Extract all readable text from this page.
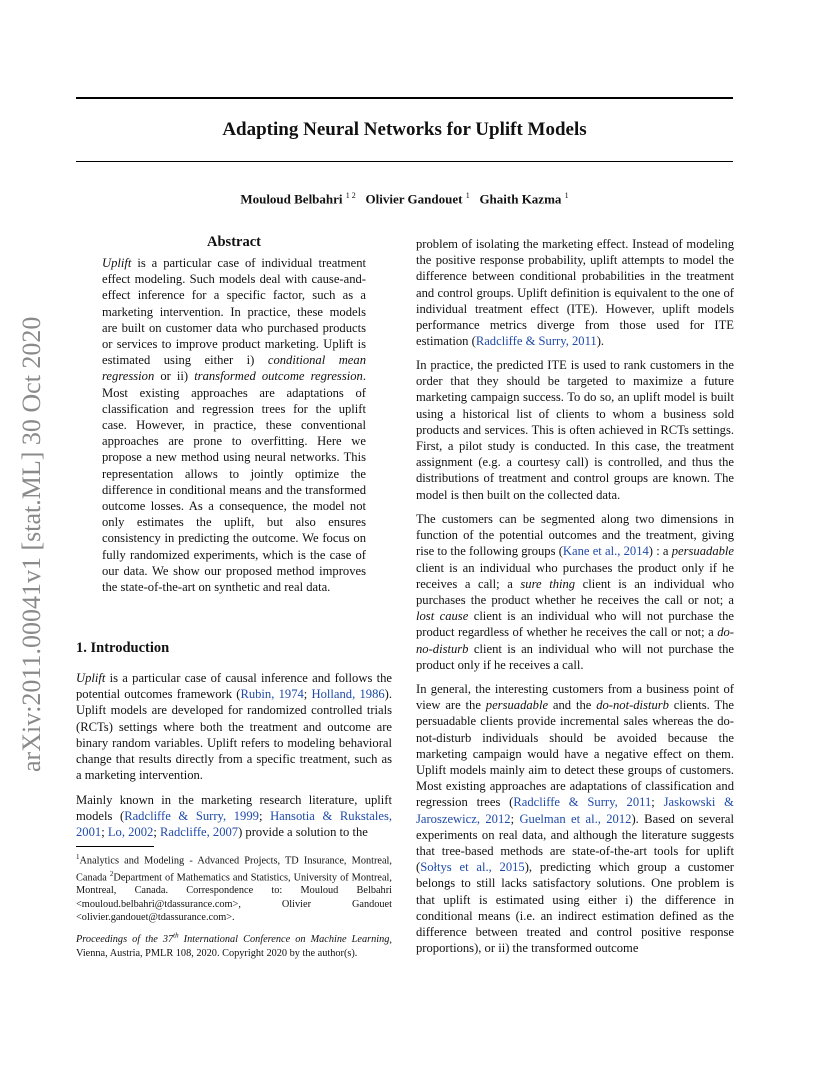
Adapting Neural Networks for Uplift Models
Mouloud Belbahri $^{1 2}$ Olivier Gandouet $^1$ Ghaith Kazma $^1$
arXiv:2011.00041v1 [stat.ML] 30 Oct 2020
Abstract

Uplift is a particular case of individual treatment effect modeling. Such models deal with cause-and-effect inference for a specific factor, such as a marketing intervention. In practice, these models are built on customer data who purchased products or services to improve product marketing. Uplift is estimated using either i) conditional mean regression or ii) transformed outcome regression. Most existing approaches are adaptations of classification and regression trees for the uplift case. However, in practice, these conventional approaches are prone to overfitting. Here we propose a new method using neural networks. This representation allows to jointly optimize the difference in conditional means and the transformed outcome losses. As a consequence, the model not only estimates the uplift, but also ensures consistency in predicting the outcome. We focus on fully randomized experiments, which is the case of our data. We show our proposed method improves the state-of-the-art on synthetic and real data.

1. Introduction

Uplift is a particular case of causal inference and follows the potential outcomes framework (Rubin, 1974; Holland, 1986). Uplift models are developed for randomized controlled trials (RCTs) settings where both the treatment and outcome are binary random variables. Uplift refers to modeling behavioral change that results directly from a specific treatment, such as a marketing intervention.

Mainly known in the marketing research literature, uplift models (Radcliffe & Surry, 1999; Hansotia & Rukstales, 2001; Lo, 2002; Radcliffe, 2007) provide a solution to the

$^1$Analytics and Modeling - Advanced Projects, TD Insurance, Montreal, Canada $^2$Department of Mathematics and Statistics, University of Montreal, Montreal, Canada. Correspondence to: Mouloud Belbahri <mouloud.belbahri@tdassurance.com>, Olivier Gandouet <olivier.gandouet@tdassurance.com>.

Proceedings of the 37th International Conference on Machine Learning, Vienna, Austria, PMLR 108, 2020. Copyright 2020 by the author(s).

problem of isolating the marketing effect. Instead of modeling the positive response probability, uplift attempts to model the difference between conditional probabilities in the treatment and control groups. Uplift definition is equivalent to the one of individual treatment effect (ITE). However, uplift models performance metrics diverge from those used for ITE estimation (Radcliffe & Surry, 2011).

In practice, the predicted ITE is used to rank customers in the order that they should be targeted to maximize a future marketing campaign success. To do so, an uplift model is built using a historical list of clients to whom a business sold products and services. This is often achieved in RCTs settings. First, a pilot study is conducted. In this case, the treatment assignment (e.g. a courtesy call) is controlled, and thus the distributions of treatment and control groups are known. The model is then built on the collected data.

The customers can be segmented along two dimensions in function of the potential outcomes and the treatment, giving rise to the following groups (Kane et al., 2014) : a persuadable client is an individual who purchases the product only if he receives a call; a sure thing client is an individual who purchases the product whether he receives the call or not; a lost cause client is an individual who will not purchase the product regardless of whether he receives the call or not; a do-no-disturb client is an individual who will not purchase the product only if he receives a call.

In general, the interesting customers from a business point of view are the persuadable and the do-not-disturb clients. The persuadable clients provide incremental sales whereas the do-not-disturb individuals should be avoided because the marketing campaign would have a negative effect on them. Uplift models mainly aim to detect these groups of customers. Most existing approaches are adaptations of classification and regression trees (Radcliffe & Surry, 2011; Jaskowski & Jaroszewicz, 2012; Guelman et al., 2012). Based on several experiments on real data, and although the literature suggests that tree-based methods are state-of-the-art tools for uplift (Sołtys et al., 2015), predicting which group a customer belongs to still lacks satisfactory solutions. One problem is that uplift is estimated using either i) the difference in conditional means (i.e. an indirect estimation defined as the difference between treated and control positive response proportions), or ii) the transformed outcome
